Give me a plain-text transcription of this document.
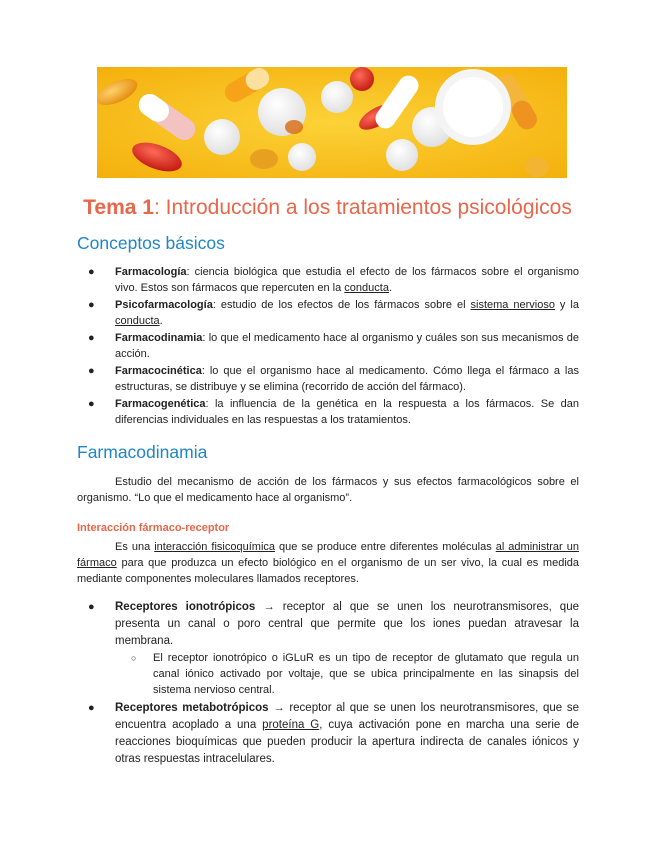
Tema 1: Introducción a los tratamientos psicológicos
Conceptos básicos
● Farmacología: ciencia biológica que estudia el efecto de los fármacos sobre el organismo vivo. Estos son fármacos que repercuten en la conducta.
● Psicofarmacología: estudio de los efectos de los fármacos sobre el sistema nervioso y la conducta.
● Farmacodinamia: lo que el medicamento hace al organismo y cuáles son sus mecanismos de acción.
● Farmacocinética: lo que el organismo hace al medicamento. Cómo llega el fármaco a las estructuras, se distribuye y se elimina (recorrido de acción del fármaco).
● Farmacogenética: la influencia de la genética en la respuesta a los fármacos. Se dan diferencias individuales en las respuestas a los tratamientos.
Farmacodinamia

Estudio del mecanismo de acción de los fármacos y sus efectos farmacológicos sobre el organismo. “Lo que el medicamento hace al organismo”.

Interacción fármaco-receptor

Es una interacción fisicoquímica que se produce entre diferentes moléculas al administrar un fármaco para que produzca un efecto biológico en el organismo de un ser vivo, la cual es medida mediante componentes moleculares llamados receptores.

● Receptores ionotrópicos → receptor al que se unen los neurotransmisores, que presenta un canal o poro central que permite que los iones puedan atravesar la membrana.
○ El receptor ionotrópico o iGLuR es un tipo de receptor de glutamato que regula un canal iónico activado por voltaje, que se ubica principalmente en las sinapsis del sistema nervioso central.
● Receptores metabotrópicos → receptor al que se unen los neurotransmisores, que se encuentra acoplado a una proteína G, cuya activación pone en marcha una serie de reacciones bioquímicas que pueden producir la apertura indirecta de canales iónicos y otras respuestas intracelulares.
